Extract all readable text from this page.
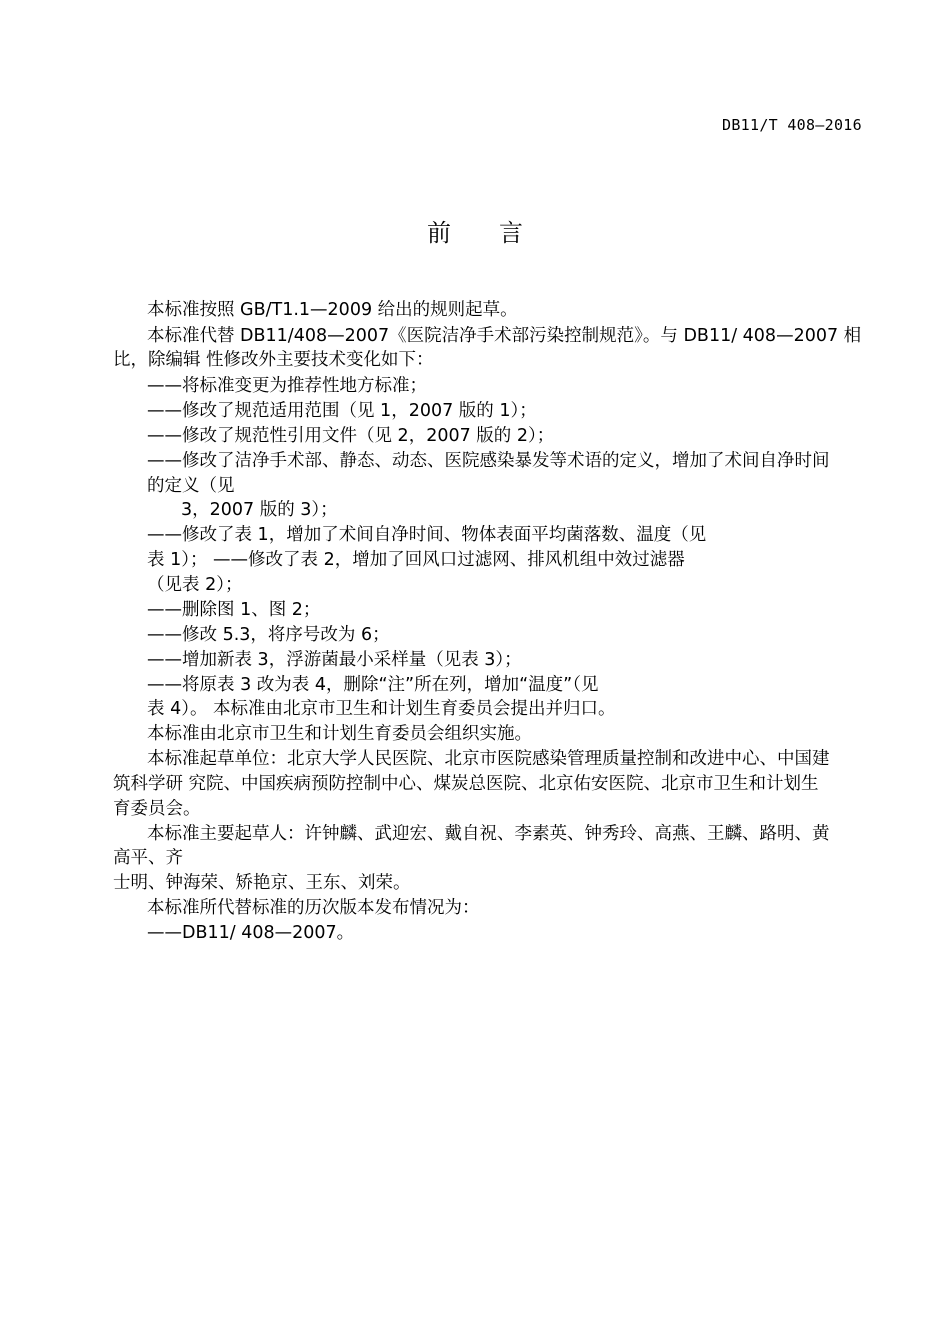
DB11/T 408—2016
前　　言
本标准按照 GB/T1.1—2009 给出的规则起草。
本标准代替 DB11/408—2007《医院洁净手术部污染控制规范》。与 DB11/ 408—2007 相
比，除编辑 性修改外主要技术变化如下：
——将标准变更为推荐性地方标准；
——修改了规范适用范围（见 1，2007 版的 1）；
——修改了规范性引用文件（见 2，2007 版的 2）；
——修改了洁净手术部、静态、动态、医院感染暴发等术语的定义，增加了术间自净时间
的定义（见
3，2007 版的 3）；
——修改了表 1，增加了术间自净时间、物体表面平均菌落数、温度（见
表 1）； ——修改了表 2，增加了回风口过滤网、排风机组中效过滤器
（见表 2）；
——删除图 1、图 2；
——修改 5.3，将序号改为 6；
——增加新表 3，浮游菌最小采样量（见表 3）；
——将原表 3 改为表 4，删除“注”所在列，增加“温度”（见
表 4）。 本标准由北京市卫生和计划生育委员会提出并归口。
本标准由北京市卫生和计划生育委员会组织实施。
本标准起草单位：北京大学人民医院、北京市医院感染管理质量控制和改进中心、中国建
筑科学研 究院、中国疾病预防控制中心、煤炭总医院、北京佑安医院、北京市卫生和计划生
育委员会。
本标准主要起草人：许钟麟、武迎宏、戴自祝、李素英、钟秀玲、高燕、王麟、路明、黄
高平、齐
士明、钟海荣、矫艳京、王东、刘荣。
本标准所代替标准的历次版本发布情况为：
——DB11/ 408—2007。
